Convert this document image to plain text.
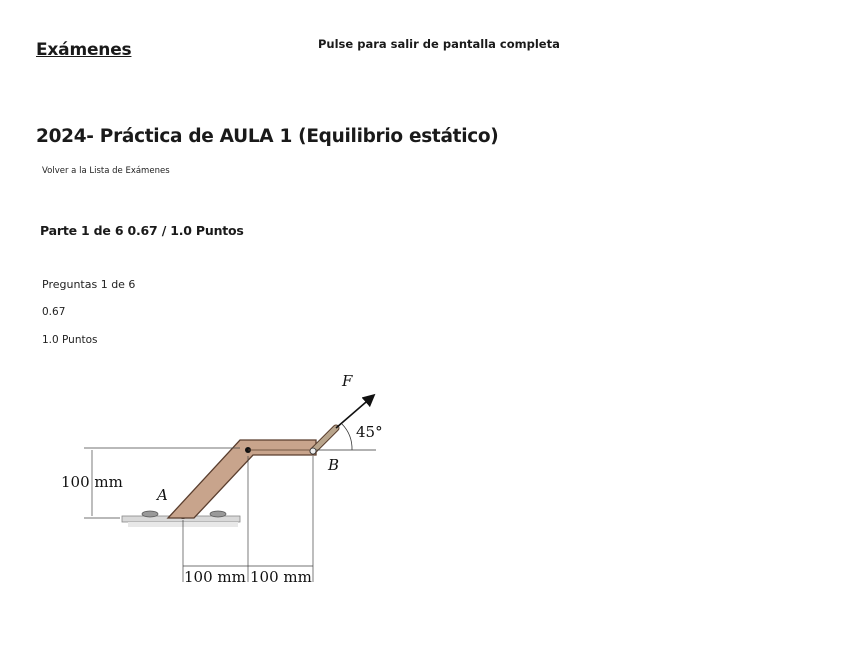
Exámenes	Pulse para salir de pantalla completa
2024- Práctica de AULA 1 (Equilibrio estático)
Volver a la Lista de Exámenes
Parte 1 de 6 0.67 / 1.0 Puntos
Preguntas 1 de 6
0.67
1.0 Puntos
F
45°
B
A
100 mm
100 mm 100 mm
